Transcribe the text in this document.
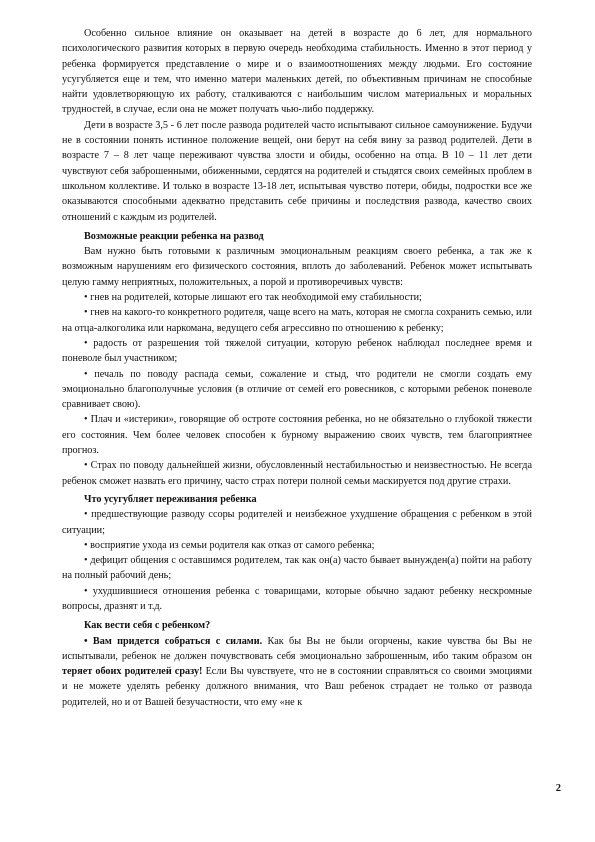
Особенно сильное влияние он оказывает на детей в возрасте до 6 лет, для нормального психологического развития которых в первую очередь необходима стабильность. Именно в этот период у ребенка формируется представление о мире и о взаимоотношениях между людьми. Его состояние усугубляется еще и тем, что именно матери маленьких детей, по объективным причинам не способные найти удовлетворяющую их работу, сталкиваются с наибольшим числом материальных и моральных трудностей, в случае, если она не может получать чью-либо поддержку.

Дети в возрасте 3,5 - 6 лет после развода родителей часто испытывают сильное самоунижение. Будучи не в состоянии понять истинное положение вещей, они берут на себя вину за развод родителей. Дети в возрасте 7 – 8 лет чаще переживают чувства злости и обиды, особенно на отца. В 10 – 11 лет дети чувствуют себя заброшенными, обиженными, сердятся на родителей и стыдятся своих семейных проблем в школьном коллективе. И только в возрасте 13-18 лет, испытывая чувство потери, обиды, подростки все же оказываются способными адекватно представить себе причины и последствия развода, качество своих отношений с каждым из родителей.

Возможные реакции ребенка на развод

Вам нужно быть готовыми к различным эмоциональным реакциям своего ребенка, а так же к возможным нарушениям его физического состояния, вплоть до заболеваний. Ребенок может испытывать целую гамму неприятных, положительных, а порой и противоречивых чувств:

• гнев на родителей, которые лишают его так необходимой ему стабильности;

• гнев на какого-то конкретного родителя, чаще всего на мать, которая не смогла сохранить семью, или на отца-алкоголика или наркомана, ведущего себя агрессивно по отношению к ребенку;

• радость от разрешения той тяжелой ситуации, которую ребенок наблюдал последнее время и поневоле был участником;

• печаль по поводу распада семьи, сожаление и стыд, что родители не смогли создать ему эмоционально благополучные условия (в отличие от семей его ровесников, с которыми ребенок поневоле сравнивает свою).

• Плач и «истерики», говорящие об остроте состояния ребенка, но не обязательно о глубокой тяжести его состояния. Чем более человек способен к бурному выражению своих чувств, тем благоприятнее прогноз.

• Страх по поводу дальнейшей жизни, обусловленный нестабильностью и неизвестностью. Не всегда ребенок сможет назвать его причину, часто страх потери полной семьи маскируется под другие страхи.

Что усугубляет переживания ребенка

• предшествующие разводу ссоры родителей и неизбежное ухудшение обращения с ребенком в этой ситуации;

• восприятие ухода из семьи родителя как отказ от самого ребенка;

• дефицит общения с оставшимся родителем, так как он(а) часто бывает вынужден(а) пойти на работу на полный рабочий день;

• ухудшившиеся отношения ребенка с товарищами, которые обычно задают ребенку нескромные вопросы, дразнят и т.д.

Как вести себя с ребенком?

• Вам придется собраться с силами. Как бы Вы не были огорчены, какие чувства бы Вы не испытывали, ребенок не должен почувствовать себя эмоционально заброшенным, ибо таким образом он теряет обоих родителей сразу! Если Вы чувствуете, что не в состоянии справляться со своими эмоциями и не можете уделять ребенку должного внимания, что Ваш ребенок страдает не только от развода родителей, но и от Вашей безучастности, что ему «не к

2
